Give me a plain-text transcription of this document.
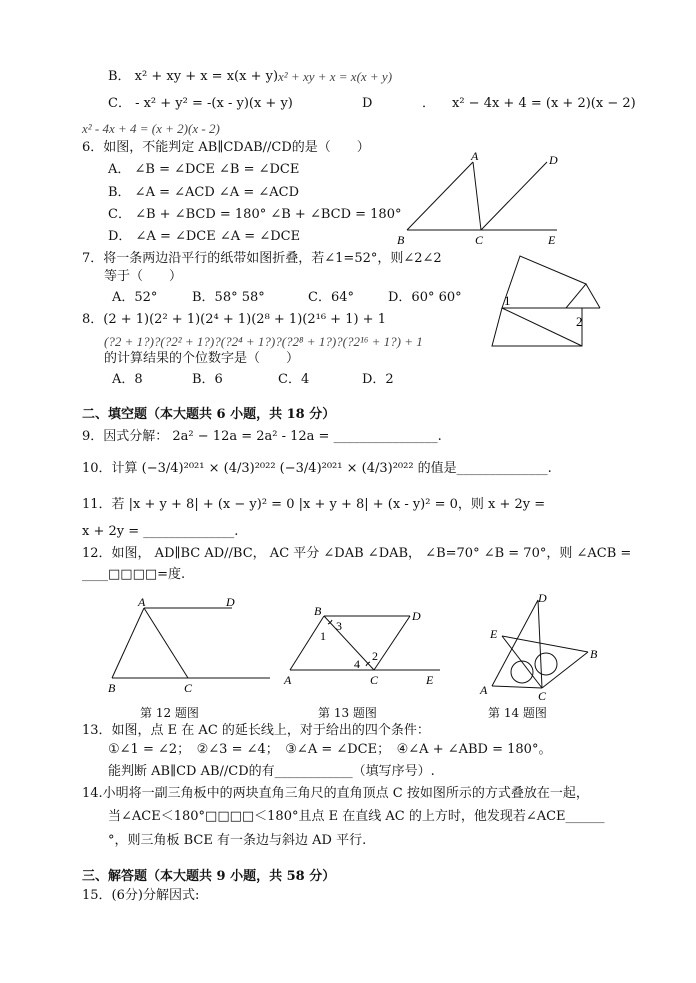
B． x² + xy + x = x(x + y) x² + xy + x = x(x + y)
C． - x² + y² = -(x - y)(x + y)	D	． x² − 4x + 4 = (x + 2)(x − 2)
x² - 4x + 4 = (x + 2)(x - 2)
6．如图，不能判定 AB∥CDAB//CD的是（　　）
A． ∠B = ∠DCE ∠B = ∠DCE
B． ∠A = ∠ACD ∠A = ∠ACD
C． ∠B + ∠BCD = 180° ∠B + ∠BCD = 180°
D． ∠A = ∠DCE ∠A = ∠DCE
A	D
B	C	E
7．将一条两边沿平行的纸带如图折叠，若∠1=52°，则∠2∠2
等于（　　）
A．52°	B．58° 58°	C．64°	D．60° 60°	1
2
8．(2 + 1)(2² + 1)(2⁴ + 1)(2⁸ + 1)(2¹⁶ + 1) + 1
(?2 + 1?)?(?2² + 1?)?(?2⁴ + 1?)?(?2⁸ + 1?)?(?2¹⁶ + 1?) + 1
的计算结果的个位数字是（　　）
A．8	B．6	C．4	D．2
二、填空题（本大题共 6 小题，共 18 分）
9．因式分解： 2a² − 12a = 2a² - 12a = ________________.
10．计算 (−3/4)²⁰²¹ × (4/3)²⁰²² (−3/4)²⁰²¹ × (4/3)²⁰²² 的值是______________.
11．若 |x + y + 8| + (x − y)² = 0 |x + y + 8| + (x - y)² = 0，则 x + 2y =
x + 2y = ______________.
12．如图， AD∥BC AD//BC， AC 平分 ∠DAB ∠DAB， ∠B=70° ∠B = 70°，则 ∠ACB =
____□□□□=度.
A	D
B	C
第 12 题图
B	D
A	C	E
1
2
3
4
第 13 题图
D
E
B
A	C
第 14 题图
13．如图，点 E 在 AC 的延长线上，对于给出的四个条件：
①∠1 = ∠2；　②∠3 = ∠4；　③∠A = ∠DCE；　④∠A + ∠ABD = 180°。
能判断 AB∥CD AB//CD的有____________（填写序号）.
14.小明将一副三角板中的两块直角三角尺的直角顶点 C 按如图所示的方式叠放在一起，
当∠ACE＜180°□□□□＜180°且点 E 在直线 AC 的上方时，他发现若∠ACE______
°，则三角板 BCE 有一条边与斜边 AD 平行.
三、解答题（本大题共 9 小题，共 58 分）
15．(6分)分解因式:
